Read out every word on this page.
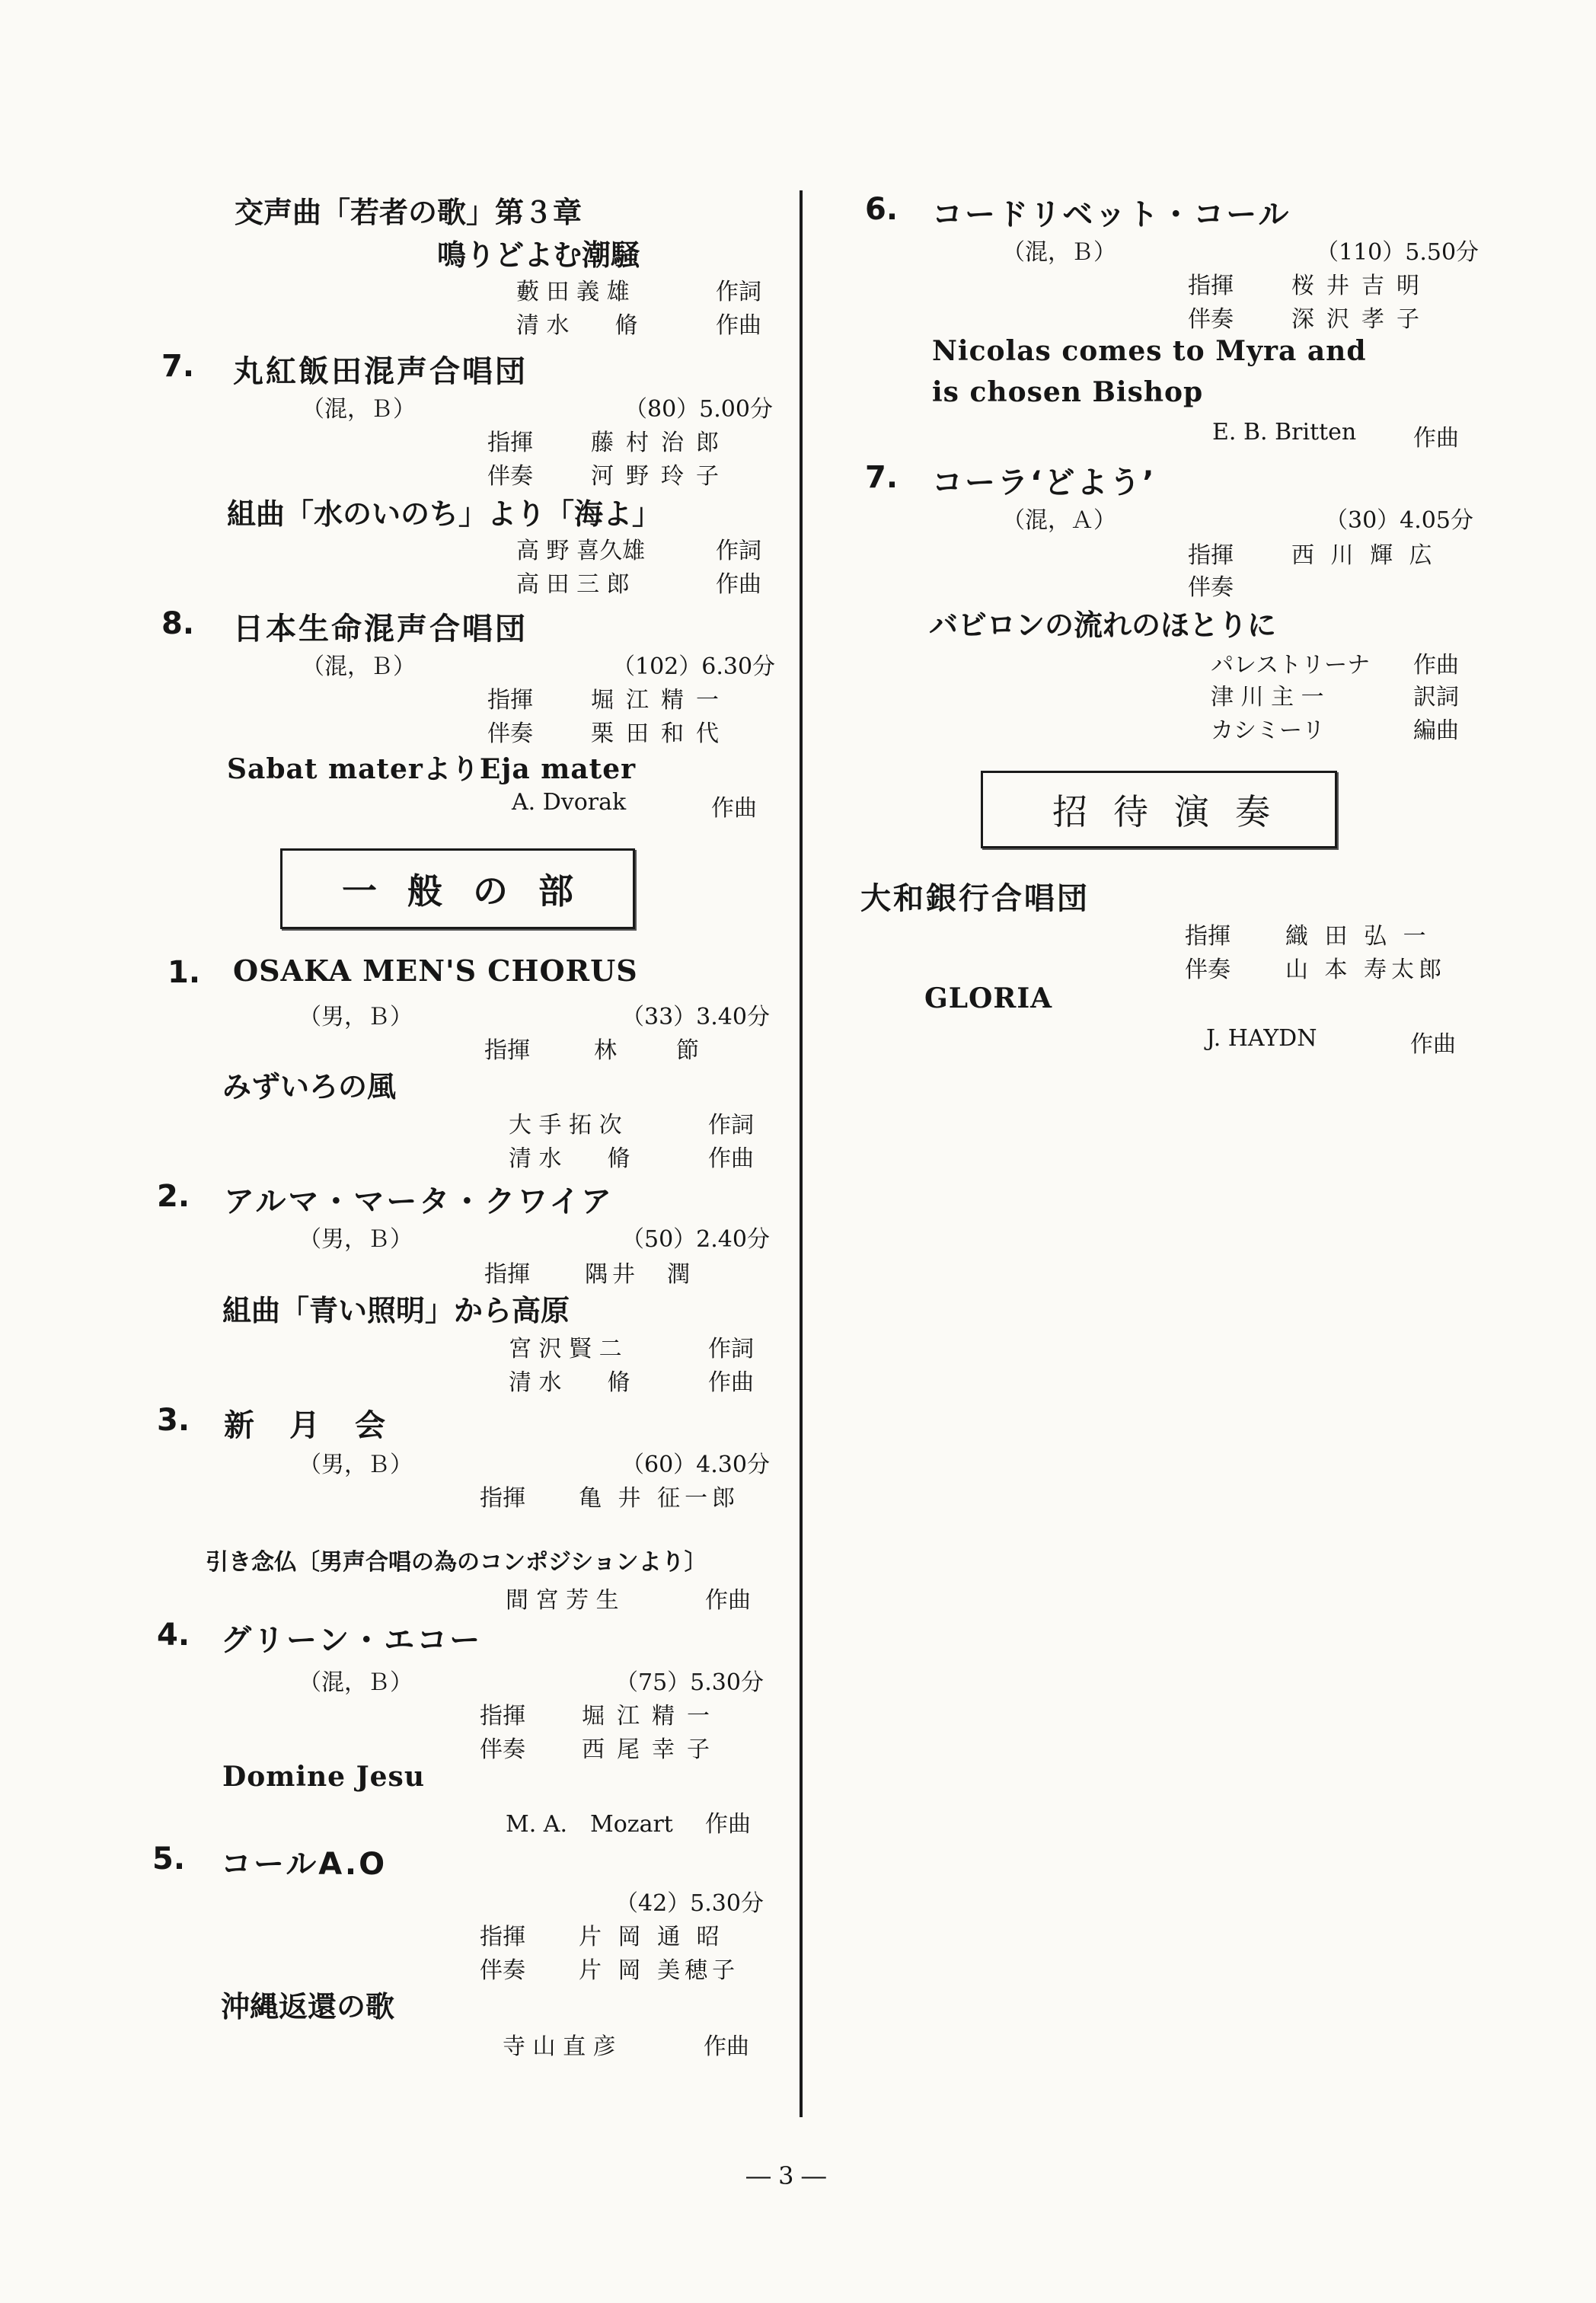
交声曲「若者の歌」第３章
鳴りどよむ潮騒
藪 田 義 雄	作詞
清 水　　脩	作曲
7. 丸紅飯田混声合唱団
（混，Ｂ）	（80）5.00分
指揮	藤村治郎
伴奏	河野玲子
組曲「水のいのち」より「海よ」
高 野 喜久雄	作詞
高 田 三 郎	作曲
8. 日本生命混声合唱団
（混，Ｂ）	（102）6.30分
指揮	堀江精一
伴奏	栗田和代
Sabat materよりEja mater
A. Dvorak	作曲
一般の部
1. OSAKA MEN'S CHORUS
（男，Ｂ）	（33）3.40分
指揮	林　　節
みずいろの風
大 手 拓 次	作詞
清 水　　脩	作曲
2. アルマ・マータ・クワイア
（男，Ｂ）	（50）2.40分
指揮 隅井　潤
組曲「青い照明」から高原
宮 沢 賢 二	作詞
清 水　　脩	作曲
3. 新　月　会
（男，Ｂ）	（60）4.30分
指揮 亀 井 征一郎
引き念仏〔男声合唱の為のコンポジションより〕
間 宮 芳 生	作曲
4. グリーン・エコー
（混，Ｂ）	（75）5.30分
指揮 堀江精一
伴奏 西尾幸子
Domine Jesu
M. A.　Mozart 作曲
5. コールA.O
（42）5.30分
指揮 片 岡 通 昭
伴奏 片 岡 美穂子
沖縄返還の歌
寺 山 直 彦	作曲
6. コードリベット・コール
（混，Ｂ）	（110）5.50分
指揮	桜井吉明
伴奏	深沢孝子
Nicolas comes to Myra and
is chosen Bishop
E. B. Britten 作曲
7. コーラ‘どよう’
（混，Ａ）	（30）4.05分
指揮	西 川 輝 広
伴奏
バビロンの流れのほとりに
パレストリーナ 作曲
津 川 主 一	訳詞
カシミーリ	編曲
招待演奏
大和銀行合唱団
指揮 織 田 弘 一
伴奏 山 本 寿太郎
GLORIA
J. HAYDN	作曲
― 3 ―
